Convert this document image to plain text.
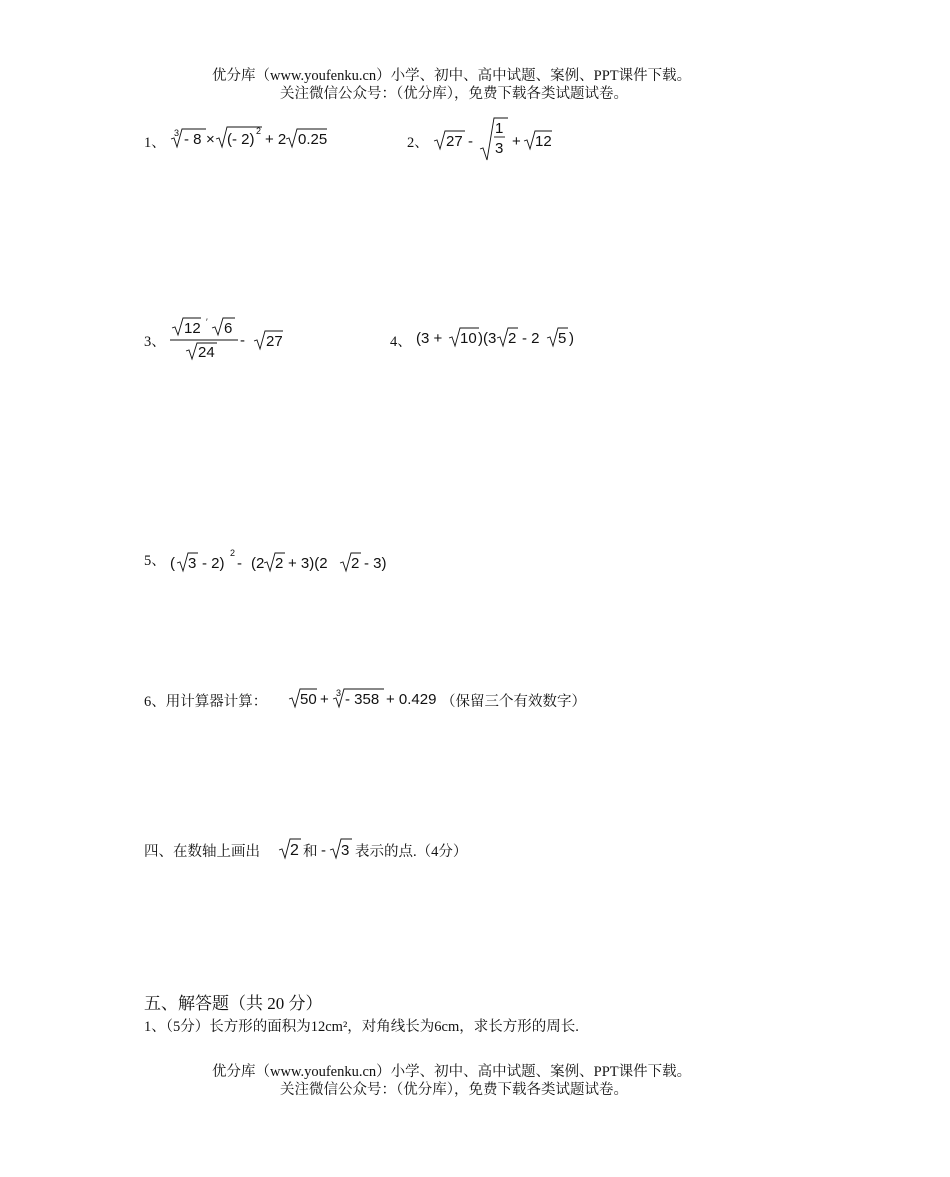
优分库（www.youfenku.cn）小学、初中、高中试题、案例、PPT课件下载。
关注微信公众号：（优分库），免费下载各类试题试卷。
1、
3 - 8 × (- 2) 2 + 2 0.25	2、 27 -
1
3 + 12
3、
12 ′ 6
24
- 27	4、 (3 + 10 )(3 2 - 2 5 )
5、 ( 3 - 2)
2
- (2 2 + 3)(2 2 - 3)
6、用计算器计算： 50 + 3 - 358 + 0.429 （保留三个有效数字）
四、在数轴上画出 2 和 - 3 表示的点.（4分）
五、解答题（共 20 分）
1、（5分）长方形的面积为12cm²，对角线长为6cm，求长方形的周长.
优分库（www.youfenku.cn）小学、初中、高中试题、案例、PPT课件下载。
关注微信公众号：（优分库），免费下载各类试题试卷。
